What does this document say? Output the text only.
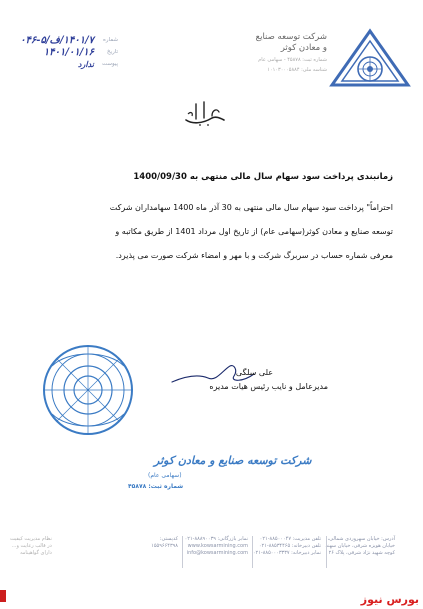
شرکت توسعه صنایع
و معادن کوثر
شماره ثبت: ۴۵۸۷۸ - سهامی عام
شناسه ملی: ۱۰۱۰۳۰۰۰۵۸۸۴
شماره
۱۴۰۱/۷/ف/۵-۰۴۶
تاریخ
۱۴۰۱/۰۱/۱۶
پیوست
ندارد
زمانبندی پرداخت سود سهام سال مالی منتهی به 1400/09/30

احتراماً" پرداخت سود سهام سال مالی منتهی به 30 آذر ماه 1400 سهامداران شرکت

توسعه صنایع و معادن کوثر(سهامی عام) از تاریخ اول مرداد 1401 از طریق مکاتبه و

معرفی شماره حساب در سربرگ شرکت و با مهر و امضاء شرکت صورت می پذیرد.

شرکت توسعه صنایع و معادن کوثر
(سهامی عام)
شماره ثبت: ۴۵۸۷۸
علی سلگی
مدیرعامل و نایب رئیس هیات مدیره
آدرس: خیابان سهروردی شمالی،
خیابان هویزه شرقی، خیابان سهند
کوچه شهید نژاد شرقی، پلاک ۲۶
تلفن مدیریت: ۸۸۵۰۰۰۴۷-۰۲۱
تلفن دبیرخانه: ۸۸۵۳۴۴۶۵-۰۲۱
نمابر دبیرخانه: ۸۸۵۰۰۰۳۳۳۷-۰۲۱
نمابر بازرگانی: ۸۸۸۹۰۰۳۹-۰۲۱
www.kowsarmining.com
info@kowsarmining.com
کدپستی:
۱۵۵۹۶۶۴۳۹۸
نظام مدیریت کیفیت
در قالب رعایت و...
دارای گواهینامه
بورس نیوز
